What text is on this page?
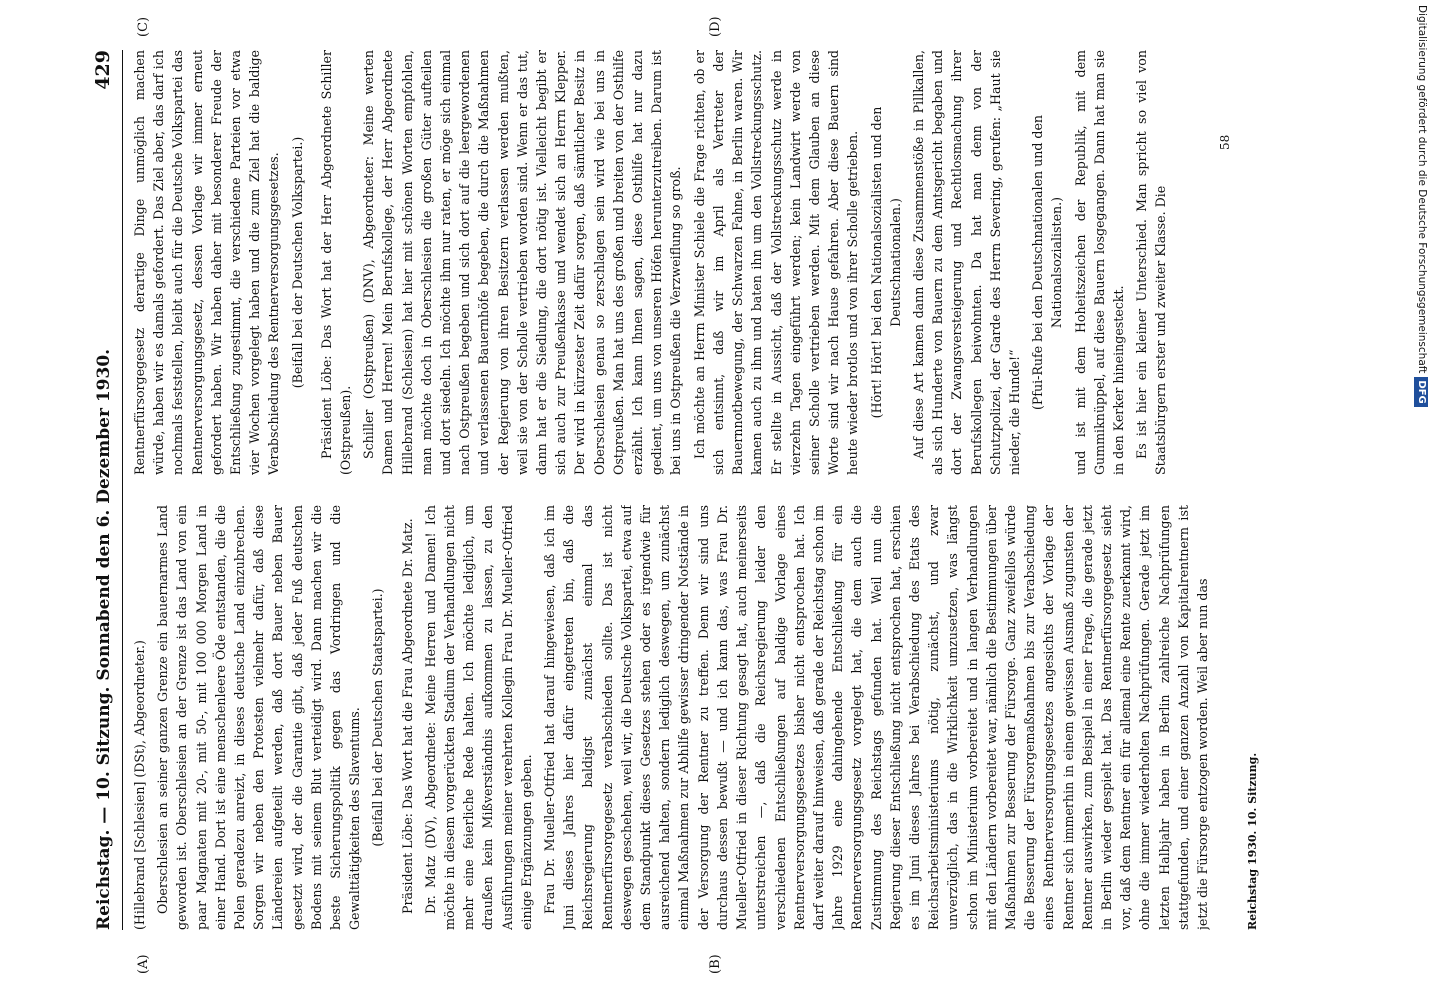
Digitalisierung gefördert durch die Deutsche ForschungsgemeinschaftDFG
Reichstag. — 10. Sitzung. Sonnabend den 6. Dezember 1930.
429
(A)	(B)
(C)	(D)

(Hillebrand [Schlesien] (DSt), Abgeordneter.) Oberschlesien an seiner ganzen Grenze ein bauernarmes Land geworden ist. Oberschlesien an der Grenze ist das Land von ein paar Magnaten mit 20-, mit 50-, mit 100 000 Morgen Land in einer Hand. Dort ist eine menschenleere Öde entstanden, die die Polen geradezu anreizt, in dieses deutsche Land einzubrechen. Sorgen wir neben den Protesten vielmehr dafür, daß diese Ländereien aufgeteilt werden, daß dort Bauer neben Bauer gesetzt wird, der die Garantie gibt, daß jeder Fuß deutschen Bodens mit seinem Blut verteidigt wird. Dann machen wir die beste Sicherungspolitik gegen das Vordringen und die Gewalttätigkeiten des Slaventums. (Beifall bei der Deutschen Staatspartei.) Präsident Löbe: Das Wort hat die Frau Abgeordnete Dr. Matz. Dr. Matz (DV), Abgeordnete: Meine Herren und Damen! Ich möchte in diesem vorgerückten Stadium der Verhandlungen nicht mehr eine feierliche Rede halten. Ich möchte lediglich, um draußen kein Mißverständnis aufkommen zu lassen, zu den Ausführungen meiner verehrten Kollegin Frau Dr. Mueller-Otfried einige Ergänzungen geben. Frau Dr. Mueller-Otfried hat darauf hingewiesen, daß ich im Juni dieses Jahres hier dafür eingetreten bin, daß die Reichsregierung baldigst zunächst einmal das Rentnerfürsorgegesetz verabschieden sollte. Das ist nicht deswegen geschehen, weil wir, die Deutsche Volkspartei, etwa auf dem Standpunkt dieses Gesetzes stehen oder es irgendwie für ausreichend halten, sondern lediglich deswegen, um zunächst einmal Maßnahmen zur Abhilfe gewisser dringender Notstände in der Versorgung der Rentner zu treffen. Denn wir sind uns durchaus dessen bewußt — und ich kann das, was Frau Dr. Mueller-Otfried in dieser Richtung gesagt hat, auch meinerseits unterstreichen —, daß die Reichsregierung leider den verschiedenen Entschließungen auf baldige Vorlage eines Rentnerversorgungsgesetzes bisher nicht entsprochen hat. Ich darf weiter darauf hinweisen, daß gerade der Reichstag schon im Jahre 1929 eine dahingehende Entschließung für ein Rentnerversorgungsgesetz vorgelegt hat, die dem auch die Zustimmung des Reichstags gefunden hat. Weil nun die Regierung dieser Entschließung nicht entsprochen hat, erschien es im Juni dieses Jahres bei Verabschiedung des Etats des Reichsarbeitsministeriums nötig, zunächst, und zwar unverzüglich, das in die Wirklichkeit umzusetzen, was längst schon im Ministerium vorbereitet und in langen Verhandlungen mit den Ländern vorbereitet war, nämlich die Bestimmungen über Maßnahmen zur Besserung der Fürsorge. Ganz zweifellos würde die Besserung der Fürsorgemaßnahmen bis zur Verabschiedung eines Rentnerversorgungsgesetzes angesichts der Vorlage der Rentner sich immerhin in einem gewissen Ausmaß zugunsten der Rentner auswirken, zum Beispiel in einer Frage, die gerade jetzt in Berlin wieder gespielt hat. Das Rentnerfürsorgegesetz sieht vor, daß dem Rentner ein für allemal eine Rente zuerkannt wird, ohne die immer wiederholten Nachprüfungen. Gerade jetzt im letzten Halbjahr haben in Berlin zahlreiche Nachprüfungen stattgefunden, und einer ganzen Anzahl von Kapitalrentnern ist jetzt die Fürsorge entzogen worden. Weil aber nun das

Rentnerfürsorgegesetz derartige Dinge unmöglich machen würde, haben wir es damals gefordert. Das Ziel aber, das darf ich nochmals feststellen, bleibt auch für die Deutsche Volkspartei das Rentnerversorgungsgesetz, dessen Vorlage wir immer erneut gefordert haben. Wir haben daher mit besonderer Freude der Entschließung zugestimmt, die verschiedene Parteien vor etwa vier Wochen vorgelegt haben und die zum Ziel hat die baldige Verabschiedung des Rentnerversorgungsgesetzes. (Beifall bei der Deutschen Volkspartei.) Präsident Löbe: Das Wort hat der Herr Abgeordnete Schiller (Ostpreußen). Schiller (Ostpreußen) (DNV), Abgeordneter: Meine werten Damen und Herren! Mein Berufskollege, der Herr Abgeordnete Hillebrand (Schlesien) hat hier mit schönen Worten empfohlen, man möchte doch in Oberschlesien die großen Güter aufteilen und dort siedeln. Ich möchte ihm nur raten, er möge sich einmal nach Ostpreußen begeben und sich dort auf die leergewordenen und verlassenen Bauernhöfe begeben, die durch die Maßnahmen der Regierung von ihren Besitzern verlassen werden mußten, weil sie von der Scholle vertrieben worden sind. Wenn er das tut, dann hat er die Siedlung, die dort nötig ist. Vielleicht begibt er sich auch zur Preußenkasse und wendet sich an Herrn Klepper. Der wird in kürzester Zeit dafür sorgen, daß sämtlicher Besitz in Oberschlesien genau so zerschlagen sein wird wie bei uns in Ostpreußen. Man hat uns des großen und breiten von der Osthilfe erzählt. Ich kann Ihnen sagen, diese Osthilfe hat nur dazu gedient, um uns von unseren Höfen herunterzutreiben. Darum ist bei uns in Ostpreußen die Verzweiflung so groß. Ich möchte an Herrn Minister Schiele die Frage richten, ob er sich entsinnt, daß wir im April als Vertreter der Bauernnotbewegung, der Schwarzen Fahne, in Berlin waren. Wir kamen auch zu ihm und baten ihn um den Vollstreckungsschutz. Er stellte in Aussicht, daß der Vollstreckungsschutz werde in vierzehn Tagen eingeführt werden; kein Landwirt werde von seiner Scholle vertrieben werden. Mit dem Glauben an diese Worte sind wir nach Hause gefahren. Aber diese Bauern sind heute wieder brotlos und von ihrer Scholle getrieben. (Hört! Hört! bei den Nationalsozialisten und den Deutschnationalen.) Auf diese Art kamen dann diese Zusammenstöße in Pillkallen, als sich Hunderte von Bauern zu dem Amtsgericht begaben und dort der Zwangsversteigerung und Rechtlosmachung ihrer Berufskollegen beiwohnten. Da hat man denn von der Schutzpolizei, der Garde des Herrn Severing, gerufen: „Haut sie nieder, die Hunde!“

(Pfui-Rufe bei den Deutschnationalen und den Nationalsozialisten.) und ist mit dem Hoheitszeichen der Republik, mit dem Gummiknüppel, auf diese Bauern losgegangen. Dann hat man sie in den Kerker hineingesteckt. Es ist hier ein kleiner Unterschied. Man spricht so viel von Staatsbürgern erster und zweiter Klasse. Die

58
Reichstag 1930. 10. Sitzung.
